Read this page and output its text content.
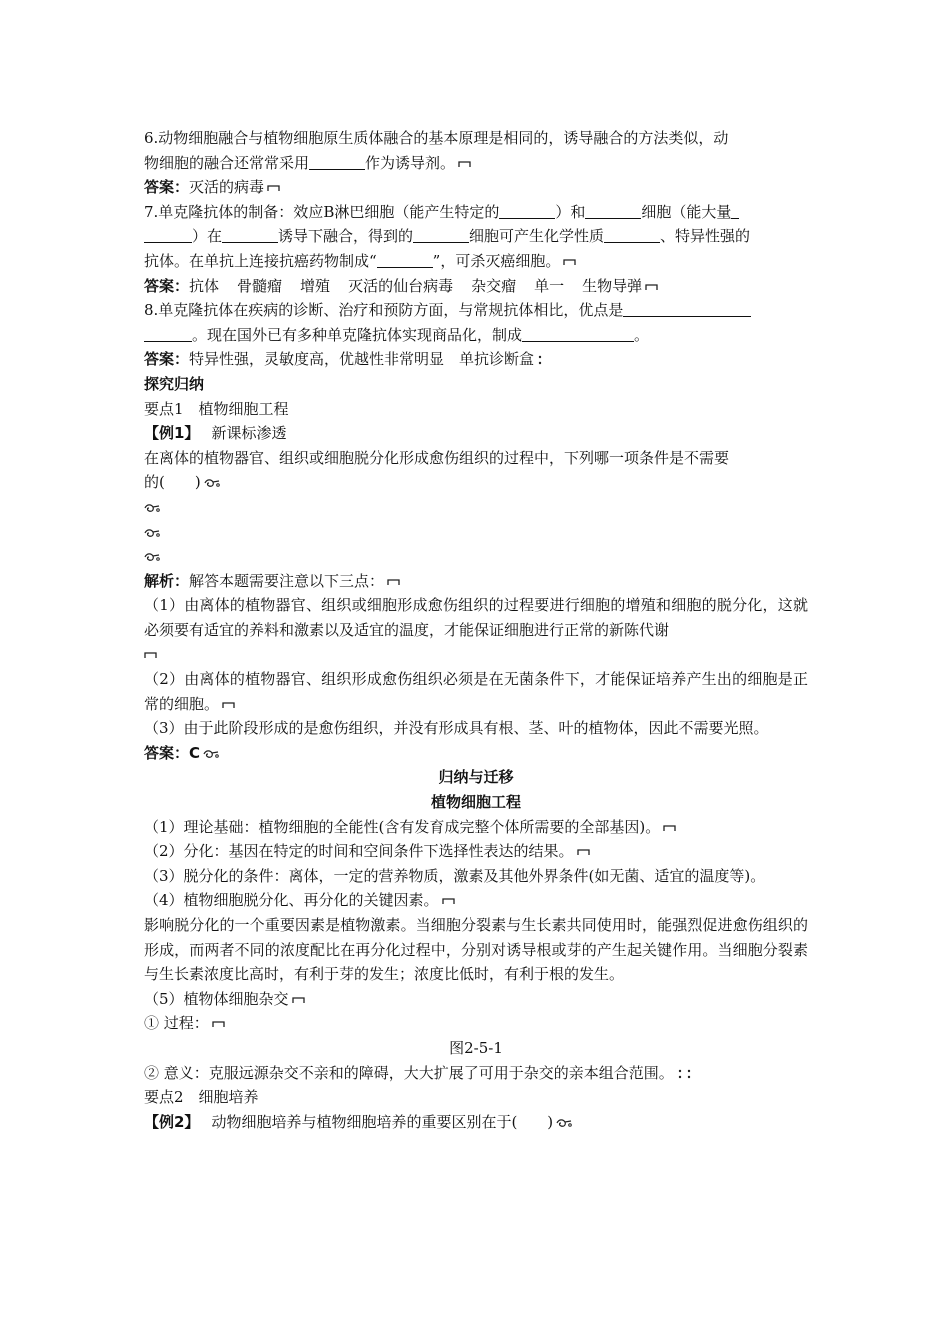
6.动物细胞融合与植物细胞原生质体融合的基本原理是相同的，诱导融合的方法类似，动
物细胞的融合还常常采用	作为诱导剂。
答案：灭活的病毒
7.单克隆抗体的制备：效应B淋巴细胞（能产生特定的	）和	细胞（能大量
）在	诱导下融合，得到的	细胞可产生化学性质	、特异性强的
抗体。在单抗上连接抗癌药物制成“	”，可杀灭癌细胞。
答案：抗体 骨髓瘤 增殖 灭活的仙台病毒 杂交瘤 单一 生物导弹
8.单克隆抗体在疾病的诊断、治疗和预防方面，与常规抗体相比，优点是
。现在国外已有多种单克隆抗体实现商品化，制成	。
答案：特异性强，灵敏度高，优越性非常明显　单抗诊断盒
探究归纳
要点1　植物细胞工程
【例1】 新课标渗透
在离体的植物器官、组织或细胞脱分化形成愈伤组织的过程中，下列哪一项条件是不需要
的(　　)
解析：解答本题需要注意以下三点：
（1）由离体的植物器官、组织或细胞形成愈伤组织的过程要进行细胞的增殖和细胞的脱分化，这就必须要有适宜的养料和激素以及适宜的温度，才能保证细胞进行正常的新陈代谢
（2）由离体的植物器官、组织形成愈伤组织必须是在无菌条件下，才能保证培养产生出的细胞是正常的细胞。
（3）由于此阶段形成的是愈伤组织，并没有形成具有根、茎、叶的植物体，因此不需要光照。
答案：C
归纳与迁移
植物细胞工程
（1）理论基础：植物细胞的全能性(含有发育成完整个体所需要的全部基因)。
（2）分化：基因在特定的时间和空间条件下选择性表达的结果。
（3）脱分化的条件：离体，一定的营养物质，激素及其他外界条件(如无菌、适宜的温度等)。
（4）植物细胞脱分化、再分化的关键因素。
影响脱分化的一个重要因素是植物激素。当细胞分裂素与生长素共同使用时，能强烈促进愈伤组织的形成，而两者不同的浓度配比在再分化过程中，分别对诱导根或芽的产生起关键作用。当细胞分裂素与生长素浓度比高时，有利于芽的发生；浓度比低时，有利于根的发生。
（5）植物体细胞杂交
① 过程：
图2-5-1
② 意义：克服远源杂交不亲和的障碍，大大扩展了可用于杂交的亲本组合范围。
要点2　细胞培养
【例2】 动物细胞培养与植物细胞培养的重要区别在于(　　)
